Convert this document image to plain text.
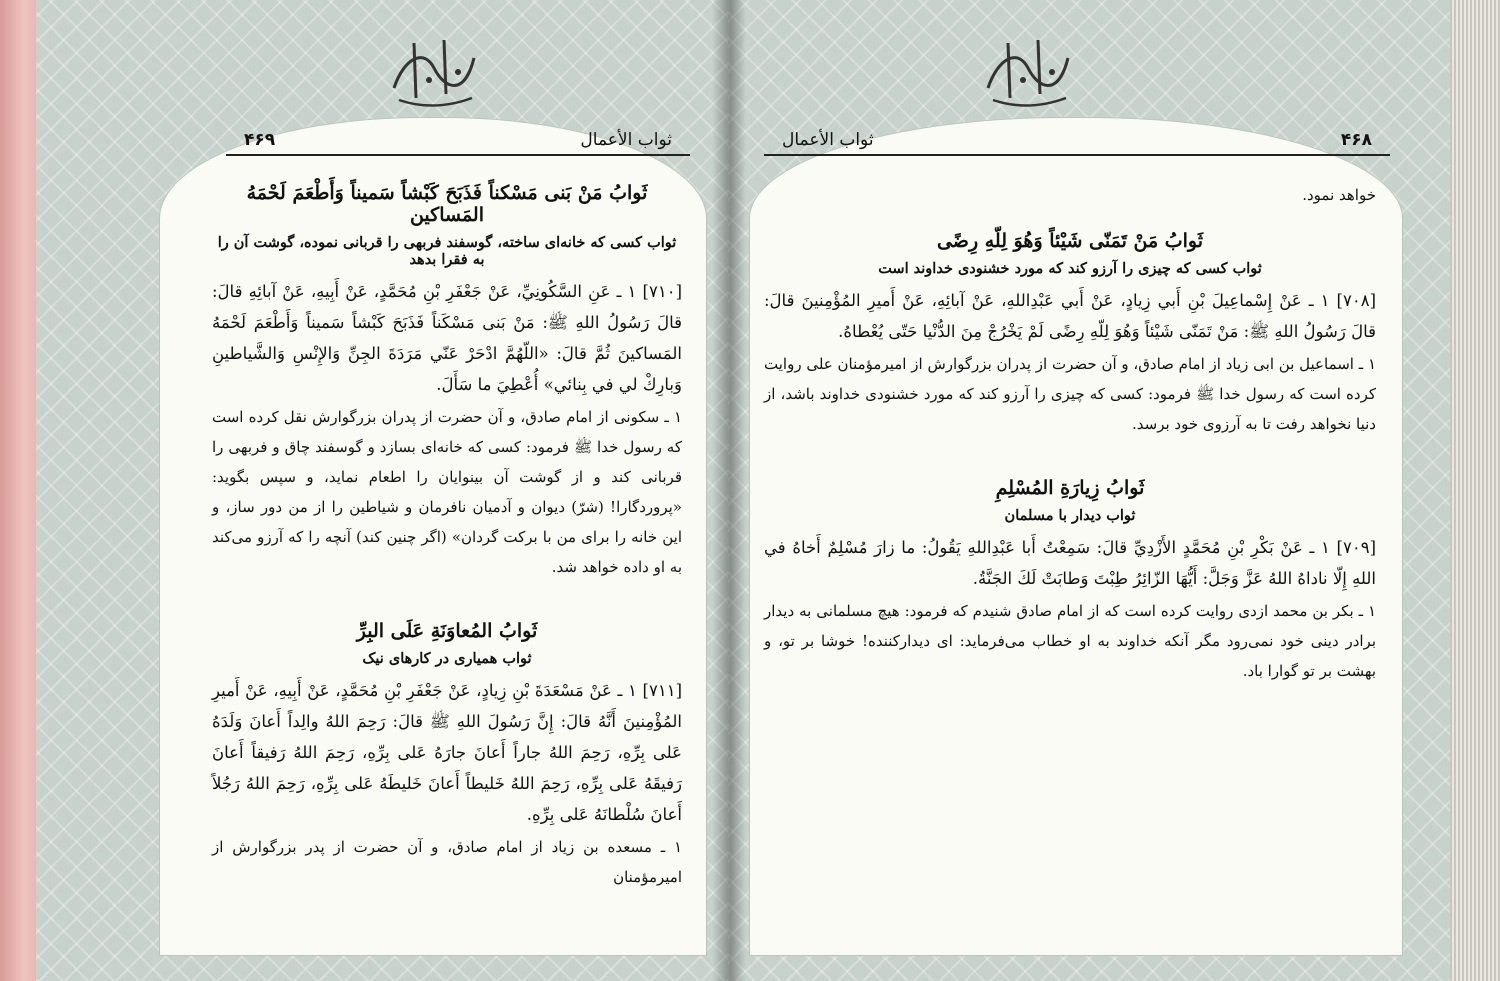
۴۶۹	ثواب الأعمال
ثَوابُ مَنْ بَنى مَسْكناً فَذَبَحَ كَبْشاً سَميناً وَأَطْعَمَ لَحْمَهُ المَساكين
ثواب کسی که خانه‌ای ساخته، گوسفند فربهی را قربانی نموده، گوشت آن را به فقرا بدهد

[۷۱۰] ۱ ـ عَنِ السَّكُونِيِّ، عَنْ جَعْفَرِ بْنِ مُحَمَّدٍ، عَنْ أَبِيهِ، عَنْ آبائِهِ قالَ: قالَ رَسُولُ اللهِ ﷺ: مَنْ بَنى مَسْكَناً فَذَبَحَ كَبْشاً سَميناً وَأَطْعَمَ لَحْمَهُ المَساكينَ ثُمَّ قالَ: «اللّهُمَّ ادْحَرْ عَنّي مَرَدَةَ الجِنِّ وَالإِنْسِ وَالشَّياطينِ وَبارِكْ لي في بِنائي» أُعْطِيَ ما سَأَلَ.

۱ ـ سکونی از امام صادق، و آن حضرت از پدران بزرگوارش نقل کرده است که رسول خدا ﷺ فرمود: کسی که خانه‌ای بسازد و گوسفند چاق و فربهی را قربانی کند و از گوشت آن بینوایان را اطعام نماید، و سپس بگوید: «پروردگارا! (شرّ) دیوان و آدمیان نافرمان و شیاطین را از من دور ساز، و این خانه را برای من با برکت گردان» (اگر چنین کند) آنچه را که آرزو می‌کند به او داده خواهد شد.

ثَوابُ المُعاوَنَةِ عَلَى البِرِّ
ثواب همیاری در کارهای نیک

[۷۱۱] ۱ ـ عَنْ مَسْعَدَةَ بْنِ زِيادٍ، عَنْ جَعْفَرِ بْنِ مُحَمَّدٍ، عَنْ أَبِيهِ، عَنْ أَميرِ المُؤْمِنينَ أَنَّهُ قالَ: إِنَّ رَسُولَ اللهِ ﷺ قالَ: رَحِمَ اللهُ والِداً أَعانَ وَلَدَهُ عَلى بِرِّهِ، رَحِمَ اللهُ جاراً أَعانَ جارَهُ عَلى بِرِّهِ، رَحِمَ اللهُ رَفيقاً أَعانَ رَفيقَهُ عَلى بِرِّهِ، رَحِمَ اللهُ خَليطاً أَعانَ خَليطَهُ عَلى بِرِّهِ، رَحِمَ اللهُ رَجُلاً أَعانَ سُلْطانَهُ عَلى بِرِّهِ.

۱ ـ مسعده بن زیاد از امام صادق، و آن حضرت از پدر بزرگوارش از امیرمؤمنان

ثواب الأعمال	۴۶۸

خواهد نمود.

ثَوابُ مَنْ تَمَنّى شَيْئاً وَهُوَ لِلّهِ رِضًى
ثواب کسی که چیزی را آرزو کند که مورد خشنودی خداوند است

[۷۰۸] ۱ ـ عَنْ إِسْماعِيلَ بْنِ أَبي زِيادٍ، عَنْ أَبي عَبْدِاللهِ، عَنْ آبائِهِ، عَنْ أَميرِ المُؤْمِنينَ قالَ: قالَ رَسُولُ اللهِ ﷺ: مَنْ تَمَنّى شَيْئاً وَهُوَ لِلّهِ رِضًى لَمْ يَخْرُجْ مِنَ الدُّنْيا حَتّى يُعْطاهُ.

۱ ـ اسماعیل بن ابی زیاد از امام صادق، و آن حضرت از پدران بزرگوارش از امیرمؤمنان علی روایت کرده است که رسول خدا ﷺ فرمود: کسی که چیزی را آرزو کند که مورد خشنودی خداوند باشد، از دنیا نخواهد رفت تا به آرزوی خود برسد.

ثَوابُ زِيارَةِ المُسْلِمِ
ثواب دیدار با مسلمان

[۷۰۹] ۱ ـ عَنْ بَكْرِ بْنِ مُحَمَّدٍ الأَزْدِيِّ قالَ: سَمِعْتُ أَبا عَبْدِاللهِ يَقُولُ: ما زارَ مُسْلِمٌ أَخاهُ في اللهِ إِلّا ناداهُ اللهُ عَزَّ وَجَلَّ: أَيُّهَا الزّائِرُ طِبْتَ وَطابَتْ لَكَ الجَنَّةُ.

۱ ـ بکر بن محمد ازدی روایت کرده است که از امام صادق شنیدم که فرمود: هیچ مسلمانی به دیدار برادر دینی خود نمی‌رود مگر آنکه خداوند به او خطاب می‌فرماید: ای دیدارکننده! خوشا بر تو، و بهشت بر تو گوارا باد.
